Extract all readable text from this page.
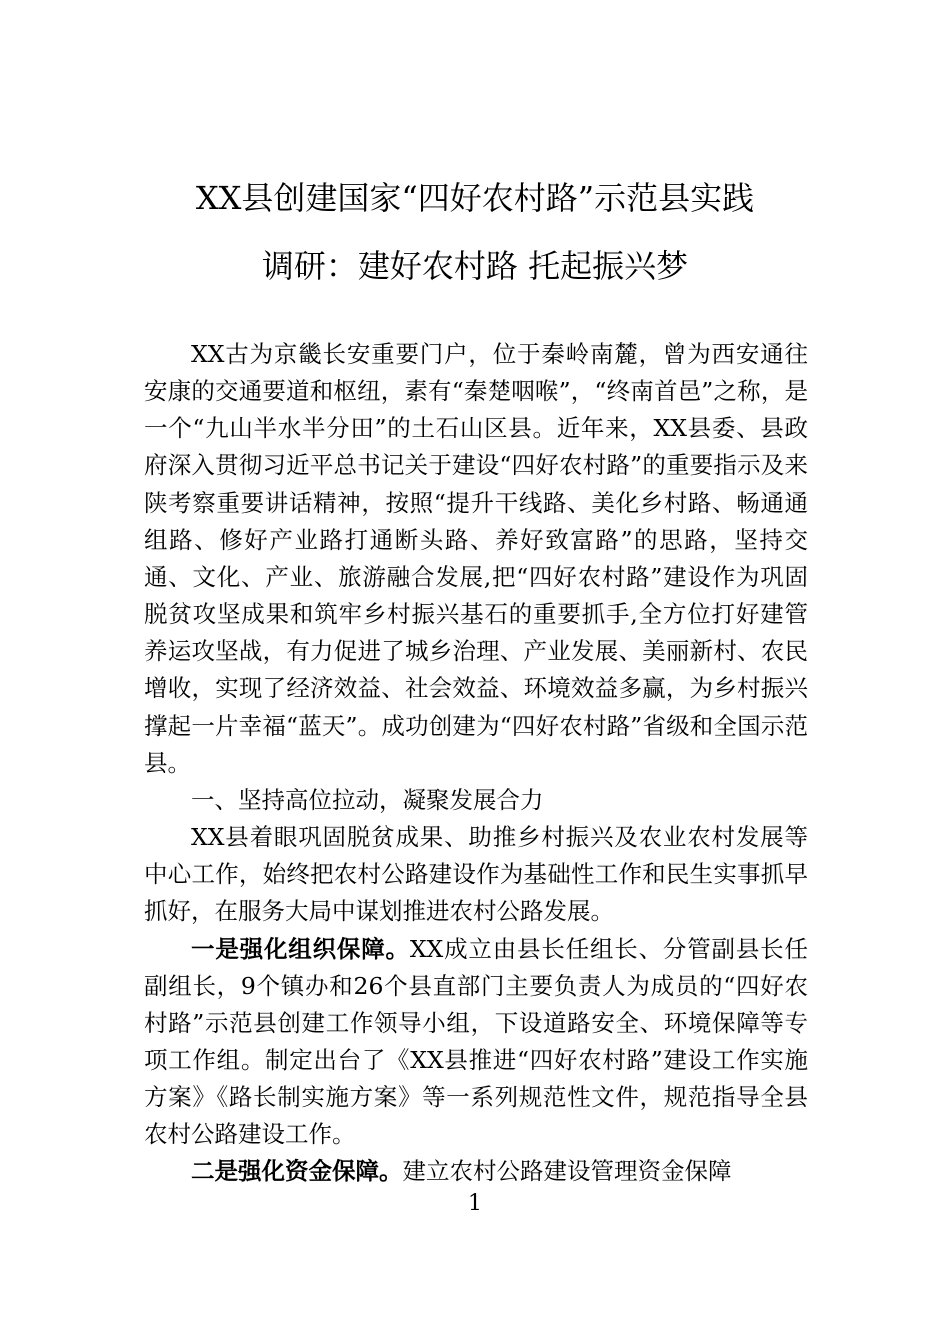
XX县创建国家“四好农村路”示范县实践
调研：建好农村路 托起振兴梦

XX古为京畿长安重要门户，位于秦岭南麓，曾为西安通往安康的交通要道和枢纽，素有“秦楚咽喉”，“终南首邑”之称，是一个“九山半水半分田”的土石山区县。近年来，XX县委、县政府深入贯彻习近平总书记关于建设“四好农村路”的重要指示及来陕考察重要讲话精神，按照“提升干线路、美化乡村路、畅通通组路、修好产业路打通断头路、养好致富路”的思路，坚持交通、文化、产业、旅游融合发展,把“四好农村路”建设作为巩固脱贫攻坚成果和筑牢乡村振兴基石的重要抓手,全方位打好建管养运攻坚战，有力促进了城乡治理、产业发展、美丽新村、农民增收，实现了经济效益、社会效益、环境效益多赢，为乡村振兴撑起一片幸福“蓝天”。成功创建为“四好农村路”省级和全国示范县。

一、坚持高位拉动，凝聚发展合力

XX县着眼巩固脱贫成果、助推乡村振兴及农业农村发展等中心工作，始终把农村公路建设作为基础性工作和民生实事抓早抓好，在服务大局中谋划推进农村公路发展。

一是强化组织保障。XX成立由县长任组长、分管副县长任副组长，9个镇办和26个县直部门主要负责人为成员的“四好农村路”示范县创建工作领导小组，下设道路安全、环境保障等专项工作组。制定出台了《XX县推进“四好农村路”建设工作实施方案》《路长制实施方案》等一系列规范性文件，规范指导全县农村公路建设工作。

二是强化资金保障。建立农村公路建设管理资金保障

1
